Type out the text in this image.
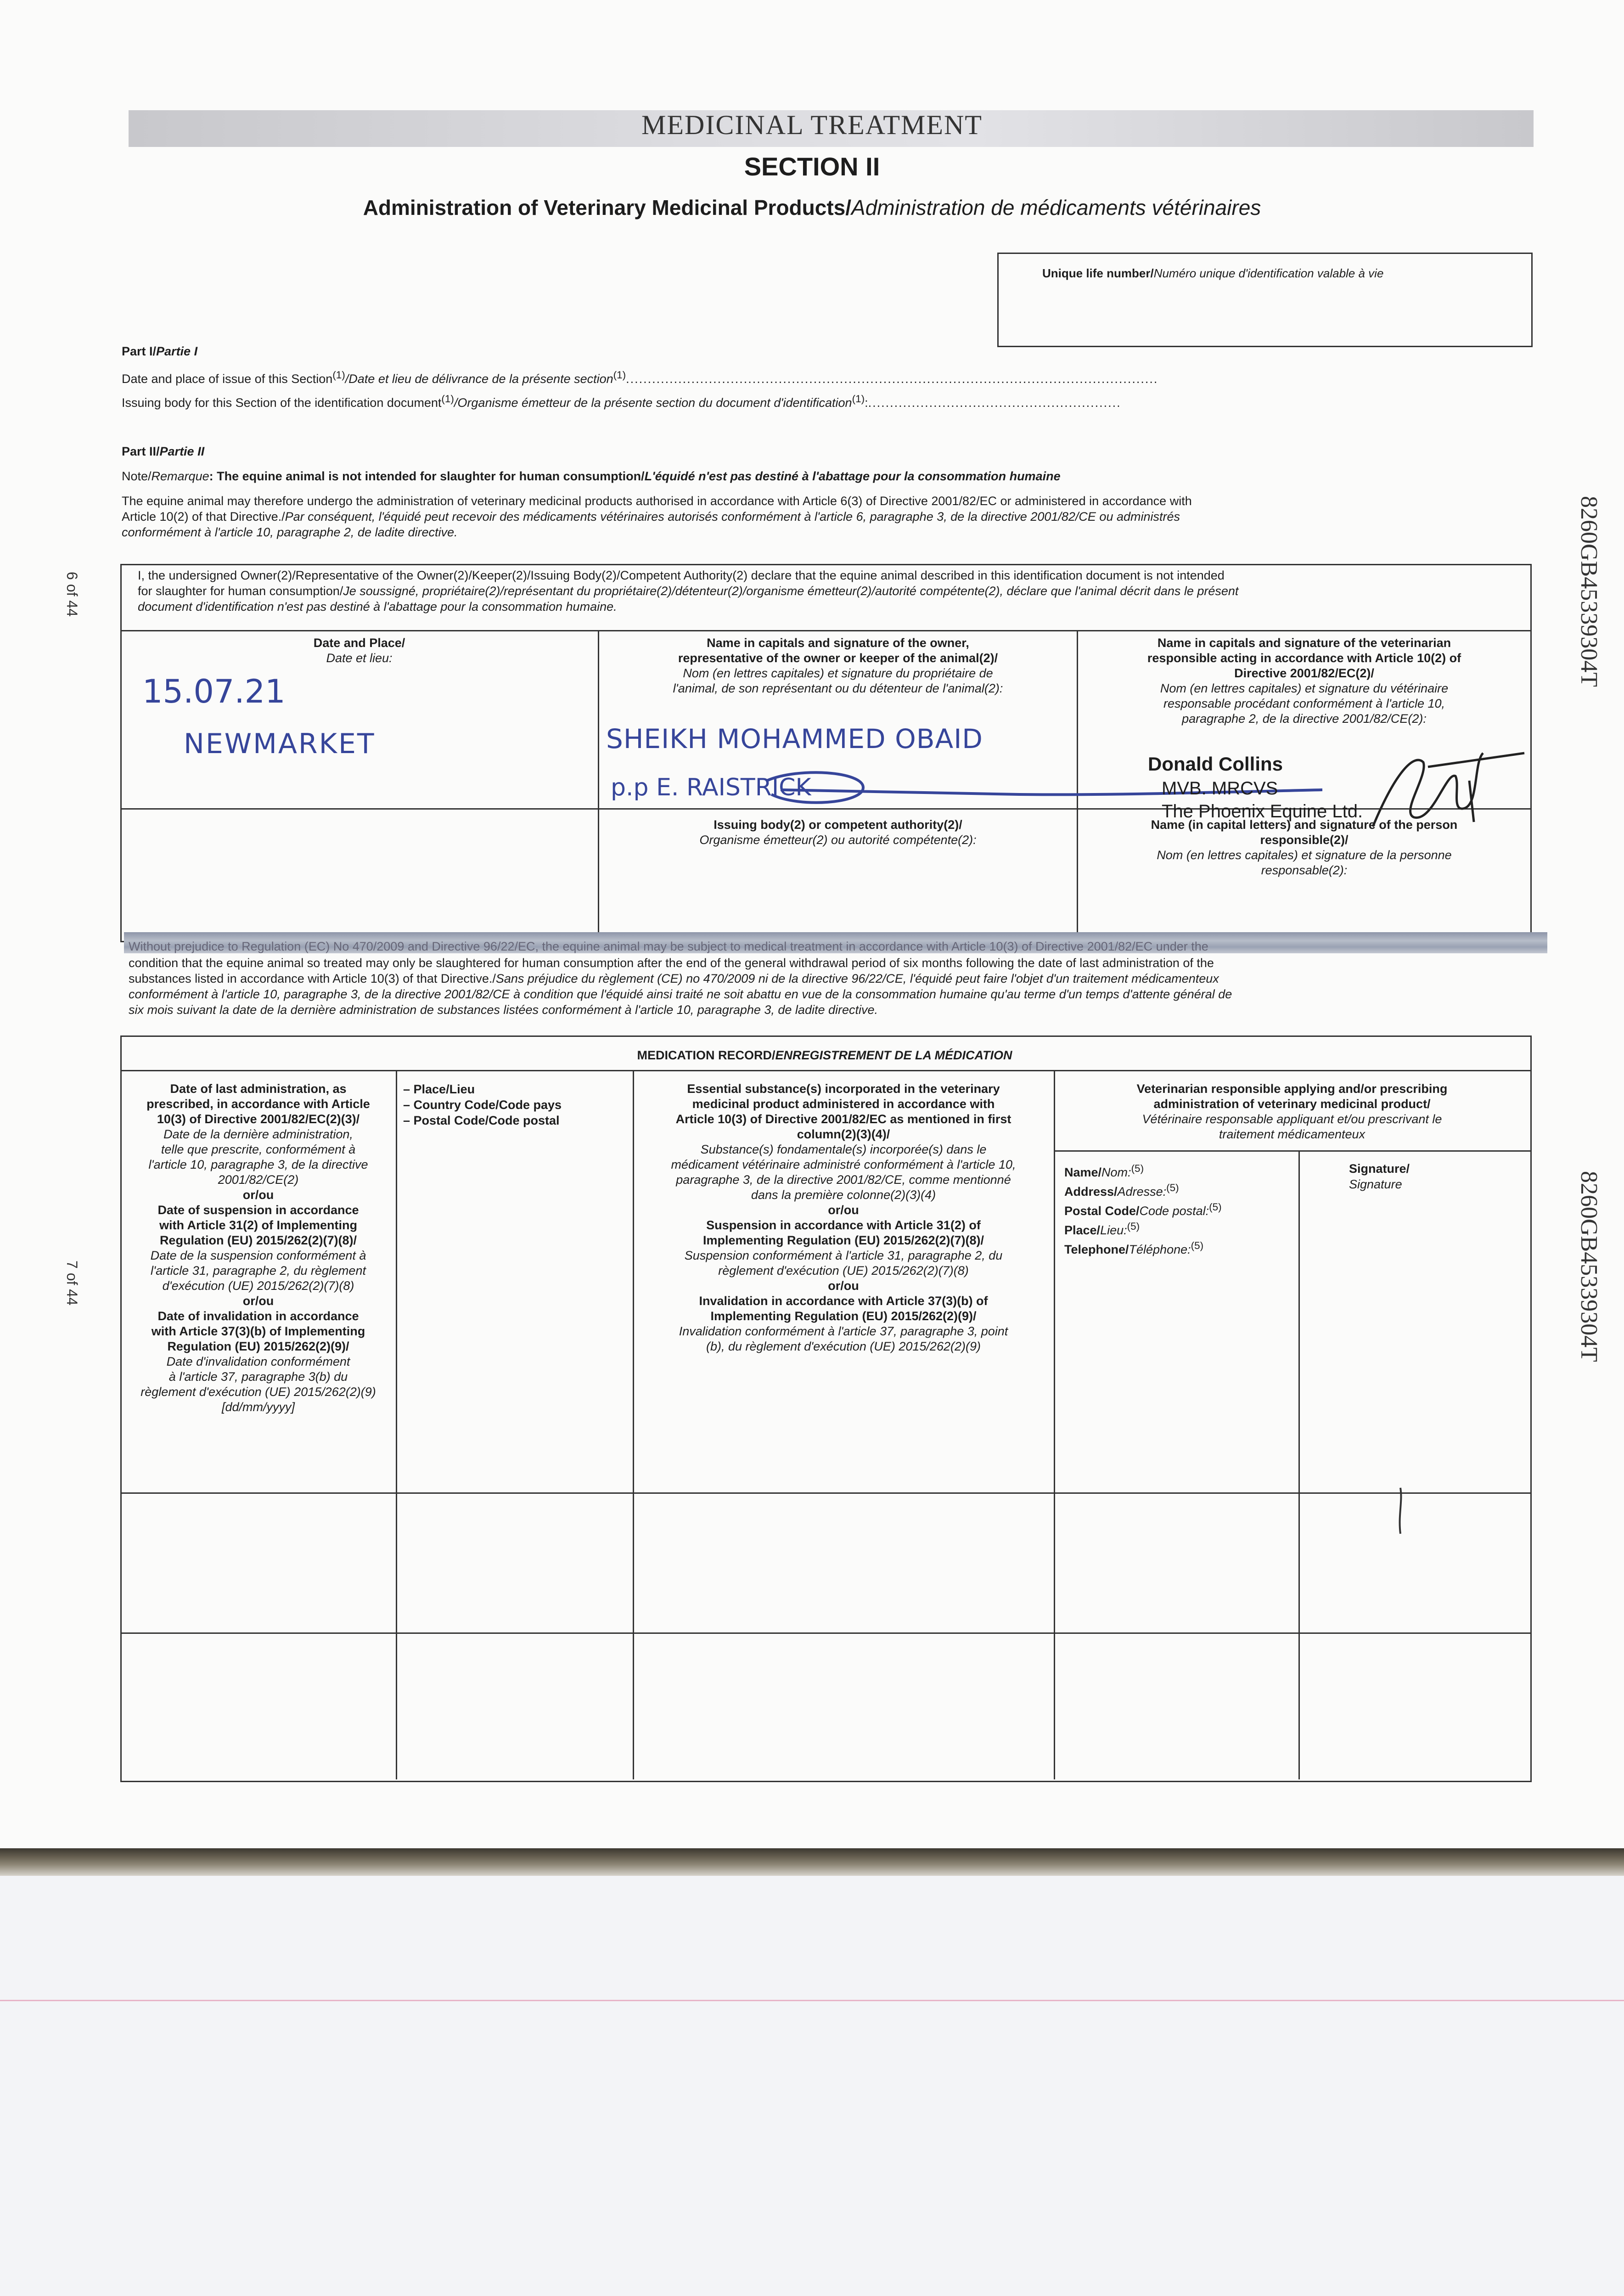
MEDICINAL TREATMENT
SECTION II
Administration of Veterinary Medicinal Products/Administration de médicaments vétérinaires
Unique life number/Numéro unique d'identification valable à vie
Part I/Partie I
Date and place of issue of this Section$^{(1)}$/Date et lieu de délivrance de la présente section$^{(1)}$..........................................................................................................................
Issuing body for this Section of the identification document$^{(1)}$/Organisme émetteur de la présente section du document d'identification$^{(1)}$:..........................................................
Part II/Partie II
Note/Remarque: The equine animal is not intended for slaughter for human consumption/L'équidé n'est pas destiné à l'abattage pour la consommation humaine
The equine animal may therefore undergo the administration of veterinary medicinal products authorised in accordance with Article 6(3) of Directive 2001/82/EC or administered in accordance with
Article 10(2) of that Directive./Par conséquent, l'équidé peut recevoir des médicaments vétérinaires autorisés conformément à l'article 6, paragraphe 3, de la directive 2001/82/CE ou administrés
conformément à l'article 10, paragraphe 2, de ladite directive.
I, the undersigned Owner(2)/Representative of the Owner(2)/Keeper(2)/Issuing Body(2)/Competent Authority(2) declare that the equine animal described in this identification document is not intended
for slaughter for human consumption/Je soussigné, propriétaire(2)/représentant du propriétaire(2)/détenteur(2)/organisme émetteur(2)/autorité compétente(2), déclare que l'animal décrit dans le présent
document d'identification n'est pas destiné à l'abattage pour la consommation humaine.
Date and Place/
Date et lieu:
Name in capitals and signature of the owner,
representative of the owner or keeper of the animal(2)/
Nom (en lettres capitales) et signature du propriétaire de
l'animal, de son représentant ou du détenteur de l'animal(2):
Name in capitals and signature of the veterinarian
responsible acting in accordance with Article 10(2) of
Directive 2001/82/EC(2)/
Nom (en lettres capitales) et signature du vétérinaire
responsable procédant conformément à l'article 10,
paragraphe 2, de la directive 2001/82/CE(2):
Issuing body(2) or competent authority(2)/
Organisme émetteur(2) ou autorité compétente(2):
Name (in capital letters) and signature of the person
responsible(2)/
Nom (en lettres capitales) et signature de la personne
responsable(2):
15.07.21
NEWMARKET	SHEIKH MOHAMMED OBAID
p.p E. RAISTRICK
Donald Collins
MVB. MRCVS
The Phoenix Equine Ltd.
Without prejudice to Regulation (EC) No 470/2009 and Directive 96/22/EC, the equine animal may be subject to medical treatment in accordance with Article 10(3) of Directive 2001/82/EC under the
condition that the equine animal so treated may only be slaughtered for human consumption after the end of the general withdrawal period of six months following the date of last administration of the
substances listed in accordance with Article 10(3) of that Directive./Sans préjudice du règlement (CE) no 470/2009 ni de la directive 96/22/CE, l'équidé peut faire l'objet d'un traitement médicamenteux
conformément à l'article 10, paragraphe 3, de la directive 2001/82/CE à condition que l'équidé ainsi traité ne soit abattu en vue de la consommation humaine qu'au terme d'un temps d'attente général de
six mois suivant la date de la dernière administration de substances listées conformément à l'article 10, paragraphe 3, de ladite directive.
MEDICATION RECORD/ENREGISTREMENT DE LA MÉDICATION
Date of last administration, as
prescribed, in accordance with Article
10(3) of Directive 2001/82/EC(2)(3)/
Date de la dernière administration,
telle que prescrite, conformément à
l'article 10, paragraphe 3, de la directive
2001/82/CE(2)
or/ou
Date of suspension in accordance
with Article 31(2) of Implementing
Regulation (EU) 2015/262(2)(7)(8)/
Date de la suspension conformément à
l'article 31, paragraphe 2, du règlement
d'exécution (UE) 2015/262(2)(7)(8)
or/ou
Date of invalidation in accordance
with Article 37(3)(b) of Implementing
Regulation (EU) 2015/262(2)(9)/
Date d'invalidation conformément
à l'article 37, paragraphe 3(b) du
règlement d'exécution (UE) 2015/262(2)(9)
[dd/mm/yyyy]
– Place/Lieu
– Country Code/Code pays
– Postal Code/Code postal
Essential substance(s) incorporated in the veterinary
medicinal product administered in accordance with
Article 10(3) of Directive 2001/82/EC as mentioned in first
column(2)(3)(4)/
Substance(s) fondamentale(s) incorporée(s) dans le
médicament vétérinaire administré conformément à l'article 10,
paragraphe 3, de la directive 2001/82/CE, comme mentionné
dans la première colonne(2)(3)(4)
or/ou
Suspension in accordance with Article 31(2) of
Implementing Regulation (EU) 2015/262(2)(7)(8)/
Suspension conformément à l'article 31, paragraphe 2, du
règlement d'exécution (UE) 2015/262(2)(7)(8)
or/ou
Invalidation in accordance with Article 37(3)(b) of
Implementing Regulation (EU) 2015/262(2)(9)/
Invalidation conformément à l'article 37, paragraphe 3, point
(b), du règlement d'exécution (UE) 2015/262(2)(9)
Veterinarian responsible applying and/or prescribing
administration of veterinary medicinal product/
Vétérinaire responsable appliquant et/ou prescrivant le
traitement médicamenteux
Name/Nom:$^{(5)}$
Address/Adresse:$^{(5)}$
Postal Code/Code postal:$^{(5)}$
Place/Lieu:$^{(5)}$
Telephone/Téléphone:$^{(5)}$
Signature/
Signature
8260GB45339304T
8260GB45339304T
6 of 44
7 of 44
